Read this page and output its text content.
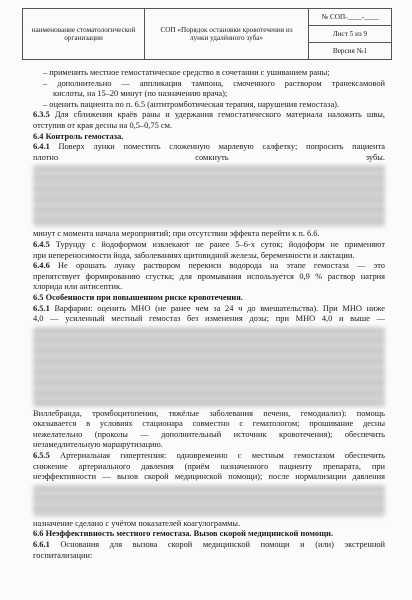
наименование стоматологической организации
СОП «Порядок остановки кровотечения из лунки удалённого зуба»
№ СОП-____-____
Лист 5 из 9
Версия №1
– применить местное гемостатическое средство в сочетании с ушиванием раны;
– дополнительно — аппликация тампона, смоченного раствором транексамовой
кислоты, на 15–20 минут (по назначению врача);
– оценить пациента по п. 6.5 (антитромботическая терапия, нарушения гемостаза).
6.3.5 Для сближения краёв раны и удержания гемостатического материала наложить швы,
отступив от края десны на 0,5–0,75 см.
6.4 Контроль гемостаза.
6.4.1 Поверх лунки поместить сложенную марлевую салфетку; попросить пациента
плотно сомкнуть зубы.
минут с момента начала мероприятий; при отсутствии эффекта перейти к п. 6.6.
6.4.5 Турунду с йодоформом извлекают не ранее 5–6-х суток; йодоформ не применяют
при непереносимости йода, заболеваниях щитовидной железы, беременности и лактации.
6.4.6 Не орошать лунку раствором перекиси водорода на этапе гемостаза — это
препятствует формированию сгустка; для промывания используется 0,9 % раствор натрия
хлорида или антисептик.
6.5 Особенности при повышенном риске кровотечения.
6.5.1 Варфарин: оценить МНО (не ранее чем за 24 ч до вмешательства). При МНО ниже
4,0 — усиленный местный гемостаз без изменения дозы; при МНО 4,0 и выше —
Виллебранда, тромбоцитопении, тяжёлые заболевания печени, гемодиализ): помощь
оказывается в условиях стационара совместно с гематологом; прошивание десны
нежелательно (проколы — дополнительный источник кровотечения); обеспечить
незамедлительную маршрутизацию.
6.5.5 Артериальная гипертензия: одновременно с местным гемостазом обеспечить
снижение артериального давления (приём назначенного пациенту препарата, при
неэффективности — вызов скорой медицинской помощи); после нормализации давления
назначение сделано с учётом показателей коагулограммы.
6.6 Неэффективность местного гемостаза. Вызов скорой медицинской помощи.
6.6.1 Основания для вызова скорой медицинской помощи и (или) экстренной
госпитализации:
